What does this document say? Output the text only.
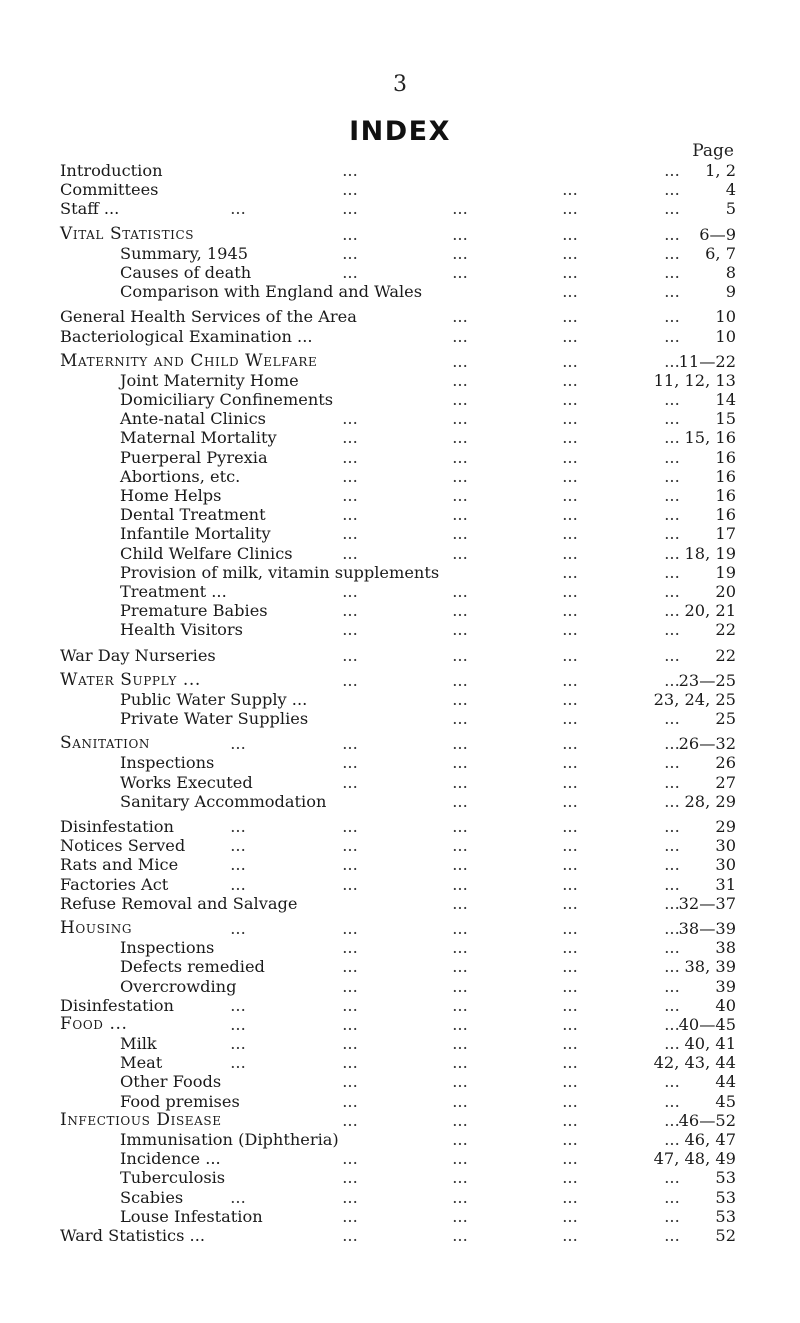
3
INDEX
Page
...	...
Introduction	1, 2
...	...	...
Committees	4
...	...	...	...	...
Staff ...	5
...	...	...	...
Vital Statistics	6—9
...	...	...	...
Summary, 1945	6, 7
...	...	...	...
Causes of death	8
...	...
Comparison with England and Wales	9
...	...	...
General Health Services of the Area	10
...	...	...
Bacteriological Examination ...	10
...	...	...
Maternity and Child Welfare	11—22
...	...
Joint Maternity Home	11, 12, 13
...	...	...
Domiciliary Confinements	14
...	...	...	...
Ante-natal Clinics	15
...	...	...	...
Maternal Mortality	15, 16
...	...	...	...
Puerperal Pyrexia	16
...	...	...	...
Abortions, etc.	16
...	...	...	...
Home Helps	16
...	...	...	...
Dental Treatment	16
...	...	...	...
Infantile Mortality	17
...	...	...	...
Child Welfare Clinics	18, 19
...	...
Provision of milk, vitamin supplements	19
...	...	...	...
Treatment ...	20
...	...	...	...
Premature Babies	20, 21
...	...	...	...
Health Visitors	22
...	...	...	...
War Day Nurseries	22
...	...	...	...
Water Supply ...	23—25
...	...
Public Water Supply ...	23, 24, 25
...	...	...
Private Water Supplies	25
...	...	...	...	...
Sanitation	26—32
...	...	...	...
Inspections	26
...	...	...	...
Works Executed	27
...	...	...
Sanitary Accommodation	28, 29
...	...	...	...	...
Disinfestation	29
...	...	...	...	...
Notices Served	30
...	...	...	...	...
Rats and Mice	30
...	...	...	...	...
Factories Act	31
...	...	...
Refuse Removal and Salvage	32—37
...	...	...	...	...
Housing	38—39
...	...	...	...
Inspections	38
...	...	...	...
Defects remedied	38, 39
...	...	...	...
Overcrowding	39
...	...	...	...	...
Disinfestation	40
...	...	...	...	...
Food ...	40—45
...	...	...	...	...
Milk	40, 41
...	...	...	...
Meat	42, 43, 44
...	...	...	...
Other Foods	44
...	...	...	...
Food premises	45
...	...	...	...
Infectious Disease	46—52
...	...	...
Immunisation (Diphtheria)	46, 47
...	...	...
Incidence ...	47, 48, 49
...	...	...	...
Tuberculosis	53
...	...	...	...	...
Scabies	53
...	...	...	...
Louse Infestation	53
...	...	...	...
Ward Statistics ...	52
